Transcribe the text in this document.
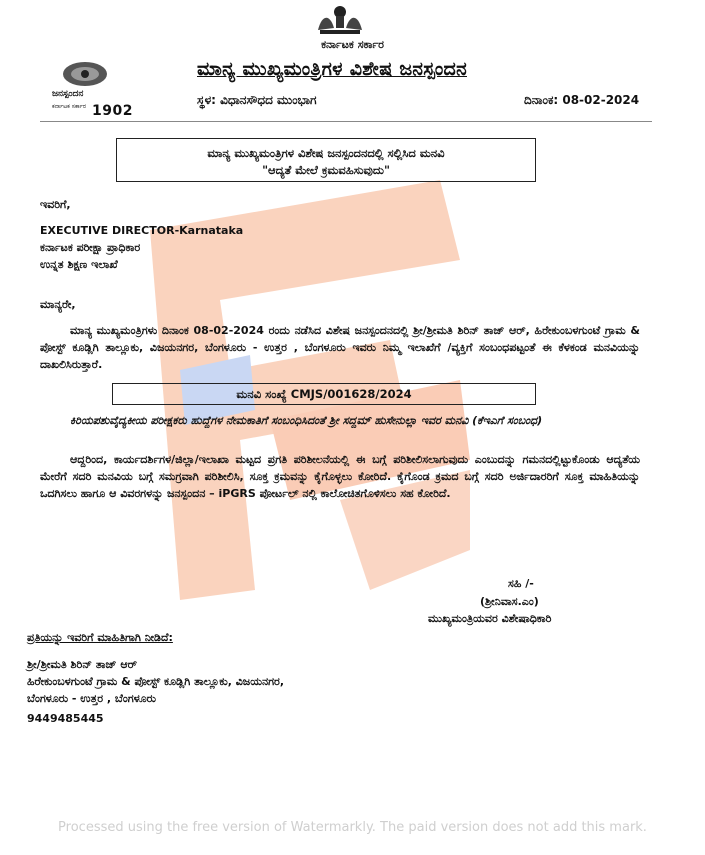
ಕರ್ನಾಟಕ ಸರ್ಕಾರ
ಜನಸ್ಪಂದನ
ಕರ್ನಾಟಕ ಸರ್ಕಾರ 1902
ಮಾನ್ಯ ಮುಖ್ಯಮಂತ್ರಿಗಳ ವಿಶೇಷ ಜನಸ್ಪಂದನ
ಸ್ಥಳ: ವಿಧಾನಸೌಧದ ಮುಂಭಾಗ	ದಿನಾಂಕ: 08-02-2024
ಮಾನ್ಯ ಮುಖ್ಯಮಂತ್ರಿಗಳ ವಿಶೇಷ ಜನಸ್ಪಂದನದಲ್ಲಿ ಸಲ್ಲಿಸಿದ ಮನವಿ
"ಆದ್ಯತೆ ಮೇಲೆ ಕ್ರಮವಹಿಸುವುದು"
ಇವರಿಗೆ,
EXECUTIVE DIRECTOR-Karnataka
ಕರ್ನಾಟಕ ಪರೀಕ್ಷಾ ಪ್ರಾಧಿಕಾರ
ಉನ್ನತ ಶಿಕ್ಷಣ ಇಲಾಖೆ
ಮಾನ್ಯರೇ,
ಮಾನ್ಯ ಮುಖ್ಯಮಂತ್ರಿಗಳು ದಿನಾಂಕ 08-02-2024 ರಂದು ನಡೆಸಿದ ವಿಶೇಷ ಜನಸ್ಪಂದನದಲ್ಲಿ ಶ್ರೀ/ಶ್ರೀಮತಿ ಶಿರಿನ್ ತಾಜ್ ಆರ್, ಹಿರೇಕುಂಬಳಗುಂಟೆ ಗ್ರಾಮ & ಪೋಸ್ಟ್ ಕೂಡ್ಲಿಗಿ ತಾಲ್ಲೂಕು, ವಿಜಯನಗರ, ಬೆಂಗಳೂರು - ಉತ್ತರ , ಬೆಂಗಳೂರು ಇವರು ನಿಮ್ಮ ಇಲಾಖೆಗೆ /ವ್ಯಕ್ತಿಗೆ ಸಂಬಂಧಪಟ್ಟಂತೆ ಈ ಕೆಳಕಂಡ ಮನವಿಯನ್ನು ದಾಖಲಿಸಿರುತ್ತಾರೆ.
ಮನವಿ ಸಂಖ್ಯೆ CMJS/001628/2024
ಕಿರಿಯಪಶುವೈದ್ಯಕೀಯ ಪರೀಕ್ಷಕರು ಹುದ್ದೆಗಳ ನೇಮಕಾತಿಗೆ ಸಂಬಂಧಿಸಿದಂತೆ ಶ್ರೀ ಸದ್ದಮ್ ಹುಸೇನುಲ್ಲಾ ಇವರ ಮನವಿ (ಕೆಇಎಗೆ ಸಂಬಂಧ)
ಆದ್ದರಿಂದ, ಕಾರ್ಯದರ್ಶಿಗಳ/ಜಿಲ್ಲಾ/ಇಲಾಖಾ ಮಟ್ಟದ ಪ್ರಗತಿ ಪರಿಶೀಲನೆಯಲ್ಲಿ ಈ ಬಗ್ಗೆ ಪರಿಶೀಲಿಸಲಾಗುವುದು ಎಂಬುದನ್ನು ಗಮನದಲ್ಲಿಟ್ಟುಕೊಂಡು ಆದ್ಯತೆಯ ಮೇರೆಗೆ ಸದರಿ ಮನವಿಯ ಬಗ್ಗೆ ಸಮಗ್ರವಾಗಿ ಪರಿಶೀಲಿಸಿ, ಸೂಕ್ತ ಕ್ರಮವನ್ನು ಕೈಗೊಳ್ಳಲು ಕೋರಿದೆ. ಕೈಗೊಂಡ ಕ್ರಮದ ಬಗ್ಗೆ ಸದರಿ ಅರ್ಜಿದಾರರಿಗೆ ಸೂಕ್ತ ಮಾಹಿತಿಯನ್ನು ಒದಗಿಸಲು ಹಾಗೂ ಆ ವಿವರಗಳನ್ನು ಜನಸ್ಪಂದನ – iPGRS ಪೋರ್ಟಲ್ ನಲ್ಲಿ ಕಾಲೋಚಿತಗೊಳಿಸಲು ಸಹ ಕೋರಿದೆ.
ಸಹಿ /-
(ಶ್ರೀನಿವಾಸ.ಎಂ)
ಮುಖ್ಯಮಂತ್ರಿಯವರ ವಿಶೇಷಾಧಿಕಾರಿ
ಪ್ರತಿಯನ್ನು ಇವರಿಗೆ ಮಾಹಿತಿಗಾಗಿ ನೀಡಿದೆ:
ಶ್ರೀ/ಶ್ರೀಮತಿ ಶಿರಿನ್ ತಾಜ್ ಆರ್
ಹಿರೇಕುಂಬಳಗುಂಟೆ ಗ್ರಾಮ & ಪೋಸ್ಟ್ ಕೂಡ್ಲಿಗಿ ತಾಲ್ಲೂಕು, ವಿಜಯನಗರ,
ಬೆಂಗಳೂರು - ಉತ್ತರ , ಬೆಂಗಳೂರು
9449485445
Processed using the free version of Watermarkly. The paid version does not add this mark.
